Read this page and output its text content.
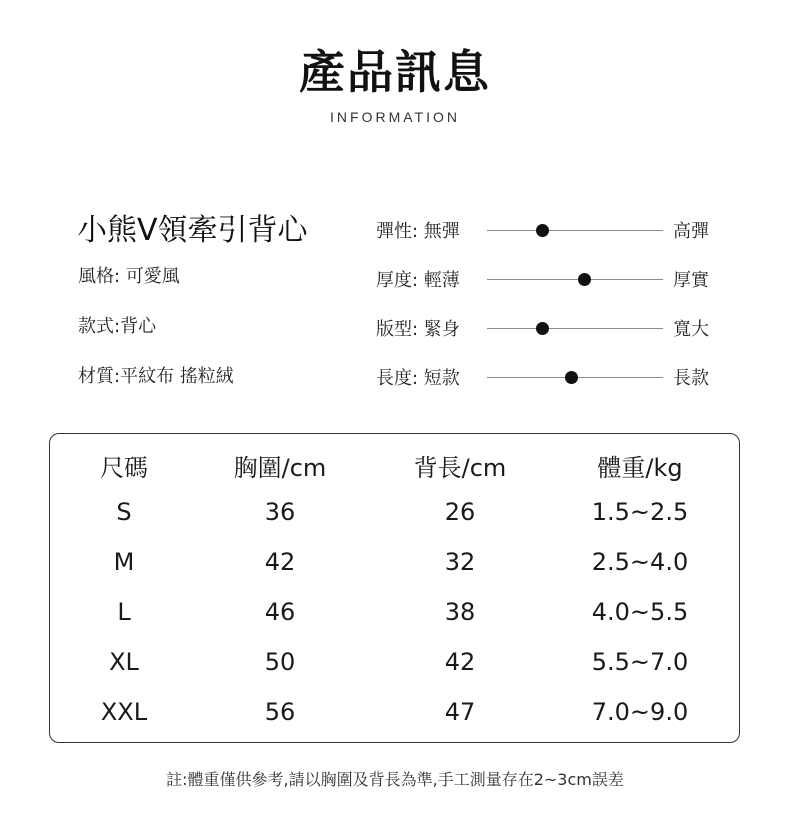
產品訊息
INFORMATION
小熊V領牽引背心
風格: 可愛風
款式:背心
材質:平紋布 搖粒絨
彈性: 無彈	高彈
厚度: 輕薄	厚實
版型: 緊身	寬大
長度: 短款	長款
尺碼	胸圍/cm	背長/cm	體重/kg
S	36	26	1.5~2.5
M	42	32	2.5~4.0
L	46	38	4.0~5.5
XL	50	42	5.5~7.0
XXL	56	47	7.0~9.0
註:體重僅供參考,請以胸圍及背長為準,手工測量存在2~3cm誤差
